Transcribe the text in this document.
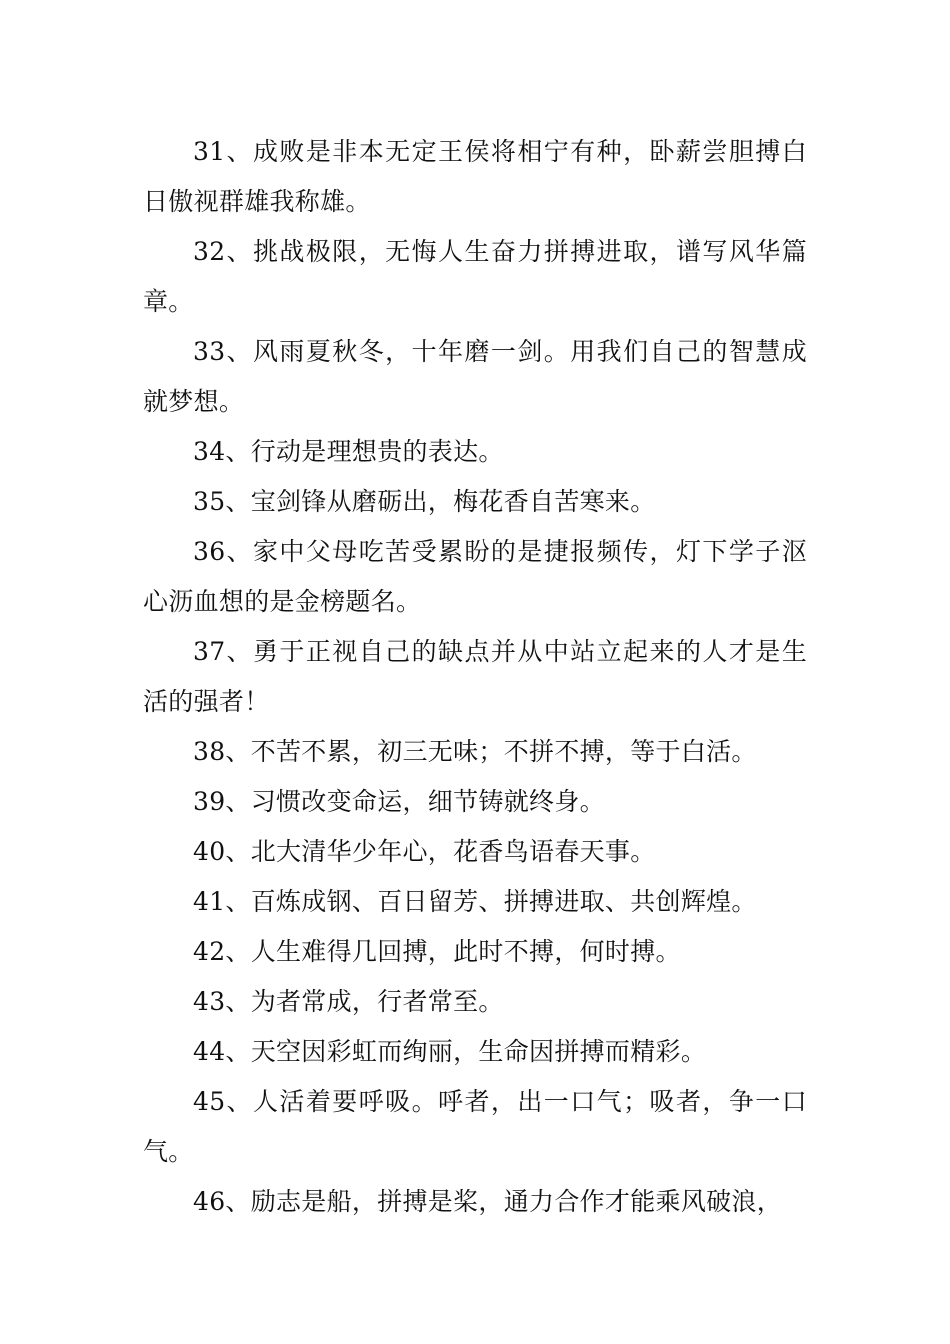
31、成败是非本无定王侯将相宁有种，卧薪尝胆搏白日傲视群雄我称雄。

32、挑战极限，无悔人生奋力拼搏进取，谱写风华篇章。

33、风雨夏秋冬，十年磨一剑。用我们自己的智慧成就梦想。

34、行动是理想贵的表达。

35、宝剑锋从磨砺出，梅花香自苦寒来。

36、家中父母吃苦受累盼的是捷报频传，灯下学子沤心沥血想的是金榜题名。

37、勇于正视自己的缺点并从中站立起来的人才是生活的强者！

38、不苦不累，初三无味；不拼不搏，等于白活。

39、习惯改变命运，细节铸就终身。

40、北大清华少年心，花香鸟语春天事。

41、百炼成钢、百日留芳、拼搏进取、共创辉煌。

42、人生难得几回搏，此时不搏，何时搏。

43、为者常成，行者常至。

44、天空因彩虹而绚丽，生命因拼搏而精彩。

45、人活着要呼吸。呼者，出一口气；吸者，争一口气。

46、励志是船，拼搏是桨，通力合作才能乘风破浪，
